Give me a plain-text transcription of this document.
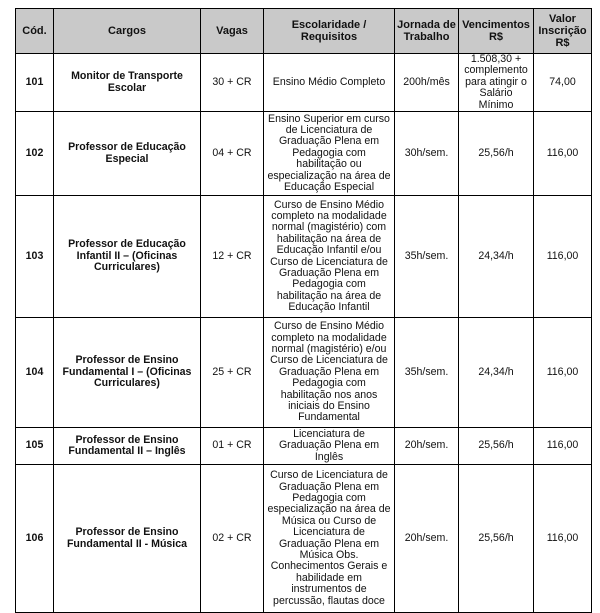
Cód.	Cargos	Vagas	Escolaridade / Requisitos	Jornada de Trabalho	Vencimentos R$	Valor Inscrição R$
101	Monitor de Transporte Escolar	30 + CR	Ensino Médio Completo	200h/mês	1.508,30 + complemento para atingir o Salário Mínimo	74,00
102	Professor de Educação Especial	04 + CR	Ensino Superior em curso de Licenciatura de Graduação Plena em Pedagogia com habilitação ou especialização na área de Educação Especial	30h/sem.	25,56/h	116,00
103	Professor de Educação Infantil II – (Oficinas Curriculares)	12 + CR	Curso de Ensino Médio completo na modalidade normal (magistério) com habilitação na área de Educação Infantil e/ou Curso de Licenciatura de Graduação Plena em Pedagogia com habilitação na área de Educação Infantil	35h/sem.	24,34/h	116,00
104	Professor de Ensino Fundamental I – (Oficinas Curriculares)	25 + CR	Curso de Ensino Médio completo na modalidade normal (magistério) e/ou Curso de Licenciatura de Graduação Plena em Pedagogia com habilitação nos anos iniciais do Ensino Fundamental	35h/sem.	24,34/h	116,00
105	Professor de Ensino Fundamental II – Inglês	01 + CR	Licenciatura de Graduação Plena em Inglês	20h/sem.	25,56/h	116,00
106	Professor de Ensino Fundamental II - Música	02 + CR	Curso de Licenciatura de Graduação Plena em Pedagogia com especialização na área de Música ou Curso de Licenciatura de Graduação Plena em Música Obs. Conhecimentos Gerais e habilidade em instrumentos de percussão, flautas doce	20h/sem.	25,56/h	116,00
